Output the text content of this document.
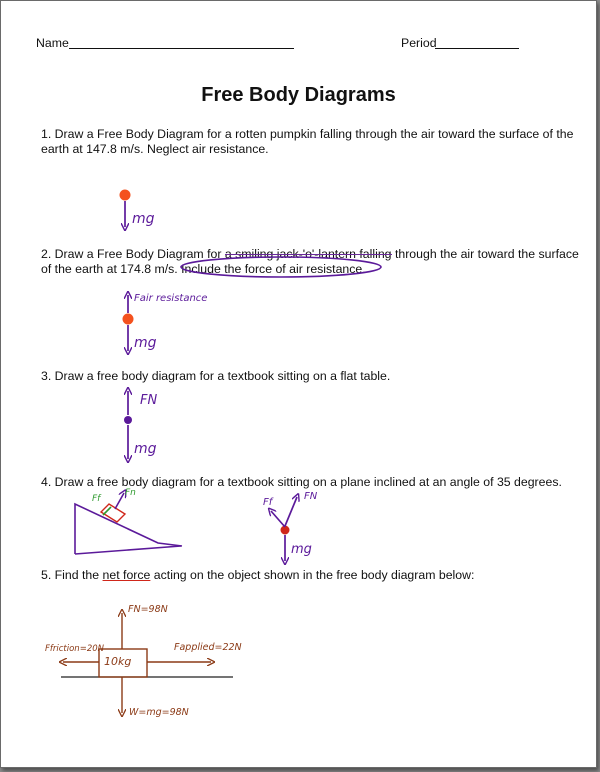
Name	Period
Free Body Diagrams
1. Draw a Free Body Diagram for a rotten pumpkin falling through the air toward the surface of the
earth at 147.8 m/s. Neglect air resistance.
2. Draw a Free Body Diagram for a smiling jack-'o'-lantern falling through the air toward the surface
of the earth at 174.8 m/s. Include the force of air resistance.
3. Draw a free body diagram for a textbook sitting on a flat table.
4. Draw a free body diagram for a textbook sitting on a plane inclined at an angle of 35 degrees.
5. Find the net force acting on the object shown in the free body diagram below:
mg
Fair resistance
mg
FN
mg
Ff
Fn
Ff
FN
mg
10kg
FN=98N
Ffriction=20N	Fapplied=22N
W=mg=98N
